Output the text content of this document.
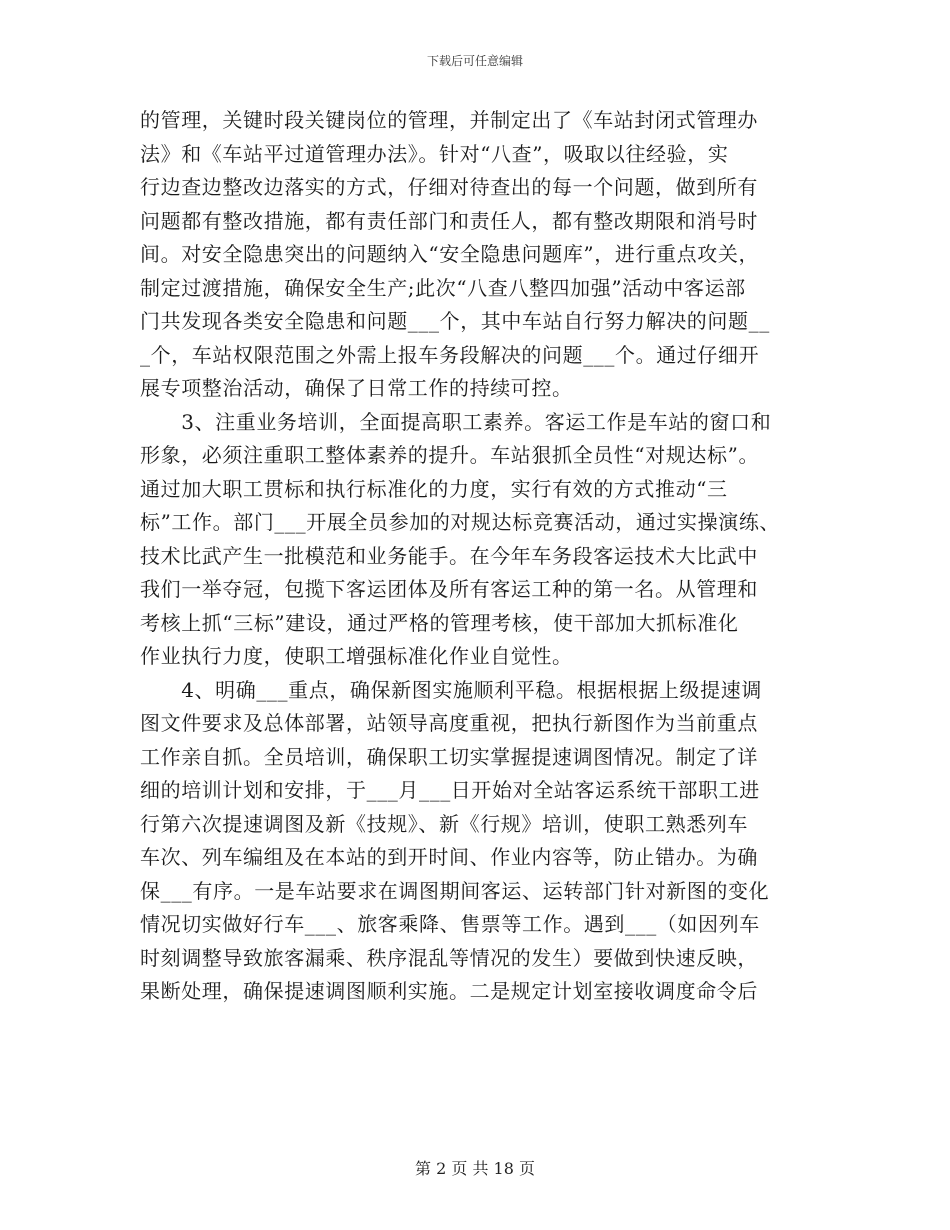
下载后可任意编辑
的管理，关键时段关键岗位的管理，并制定出了《车站封闭式管理办
法》和《车站平过道管理办法》。针对“八查”，吸取以往经验，实
行边查边整改边落实的方式，仔细对待查出的每一个问题，做到所有
问题都有整改措施，都有责任部门和责任人，都有整改期限和消号时
间。对安全隐患突出的问题纳入“安全隐患问题库”，进行重点攻关，
制定过渡措施，确保安全生产;此次“八查八整四加强”活动中客运部
门共发现各类安全隐患和问题___个，其中车站自行努力解决的问题__
_个，车站权限范围之外需上报车务段解决的问题___个。通过仔细开
展专项整治活动，确保了日常工作的持续可控。
　　3、注重业务培训，全面提高职工素养。客运工作是车站的窗口和
形象，必须注重职工整体素养的提升。车站狠抓全员性“对规达标”。
通过加大职工贯标和执行标准化的力度，实行有效的方式推动“三
标”工作。部门___开展全员参加的对规达标竞赛活动，通过实操演练、
技术比武产生一批模范和业务能手。在今年车务段客运技术大比武中
我们一举夺冠，包揽下客运团体及所有客运工种的第一名。从管理和
考核上抓“三标”建设，通过严格的管理考核，使干部加大抓标准化
作业执行力度，使职工增强标准化作业自觉性。
　　4、明确___重点，确保新图实施顺利平稳。根据根据上级提速调
图文件要求及总体部署，站领导高度重视，把执行新图作为当前重点
工作亲自抓。全员培训，确保职工切实掌握提速调图情况。制定了详
细的培训计划和安排，于___月___日开始对全站客运系统干部职工进
行第六次提速调图及新《技规》、新《行规》培训，使职工熟悉列车
车次、列车编组及在本站的到开时间、作业内容等，防止错办。为确
保___有序。一是车站要求在调图期间客运、运转部门针对新图的变化
情况切实做好行车___、旅客乘降、售票等工作。遇到___（如因列车
时刻调整导致旅客漏乘、秩序混乱等情况的发生）要做到快速反映，
果断处理，确保提速调图顺利实施。二是规定计划室接收调度命令后
第 2 页 共 18 页
